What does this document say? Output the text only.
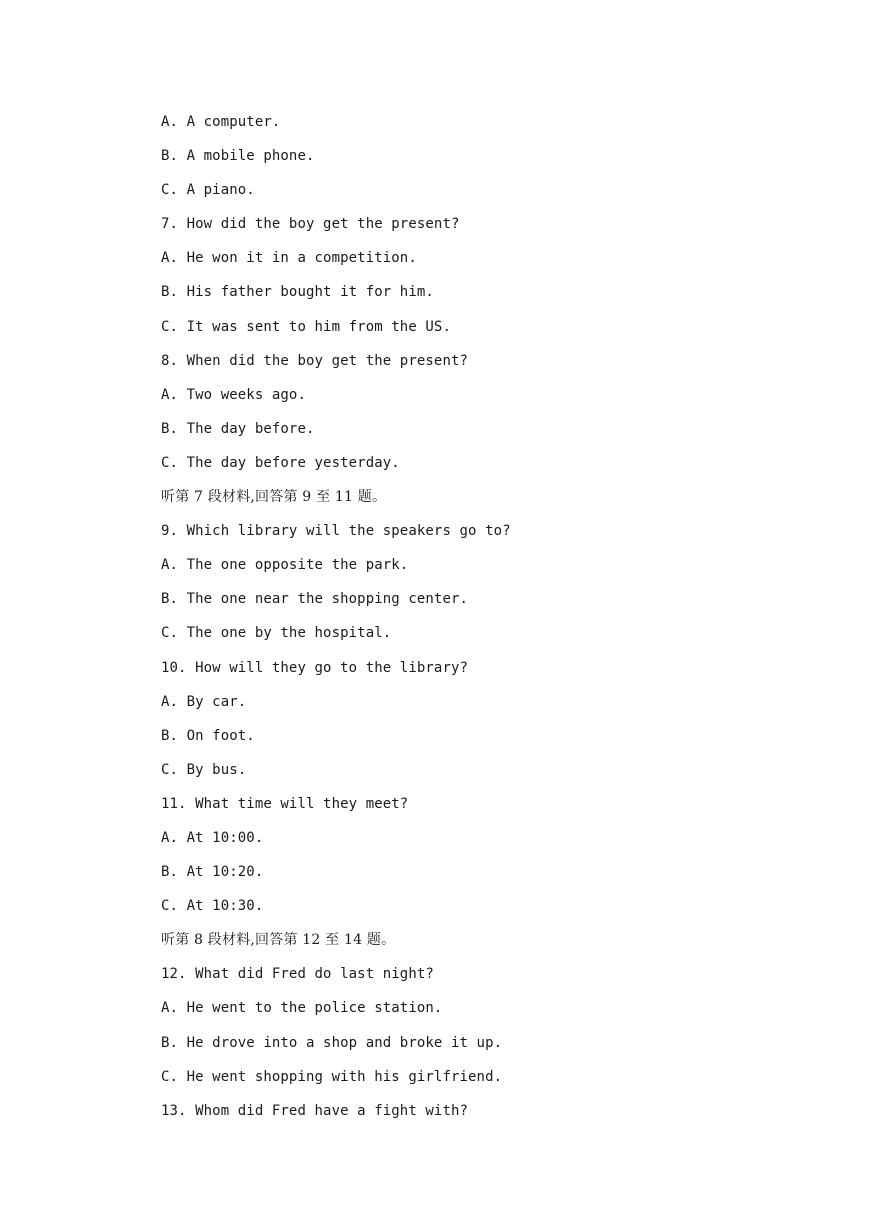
A. A computer.
B. A mobile phone.
C. A piano.
7. How did the boy get the present?
A. He won it in a competition.
B. His father bought it for him.
C. It was sent to him from the US.
8. When did the boy get the present?
A. Two weeks ago.
B. The day before.
C. The day before yesterday.
听第 7 段材料,回答第 9 至 11 题。
9. Which library will the speakers go to?
A. The one opposite the park.
B. The one near the shopping center.
C. The one by the hospital.
10. How will they go to the library?
A. By car.
B. On foot.
C. By bus.
11. What time will they meet?
A. At 10:00.
B. At 10:20.
C. At 10:30.
听第 8 段材料,回答第 12 至 14 题。
12. What did Fred do last night?
A. He went to the police station.
B. He drove into a shop and broke it up.
C. He went shopping with his girlfriend.
13. Whom did Fred have a fight with?
